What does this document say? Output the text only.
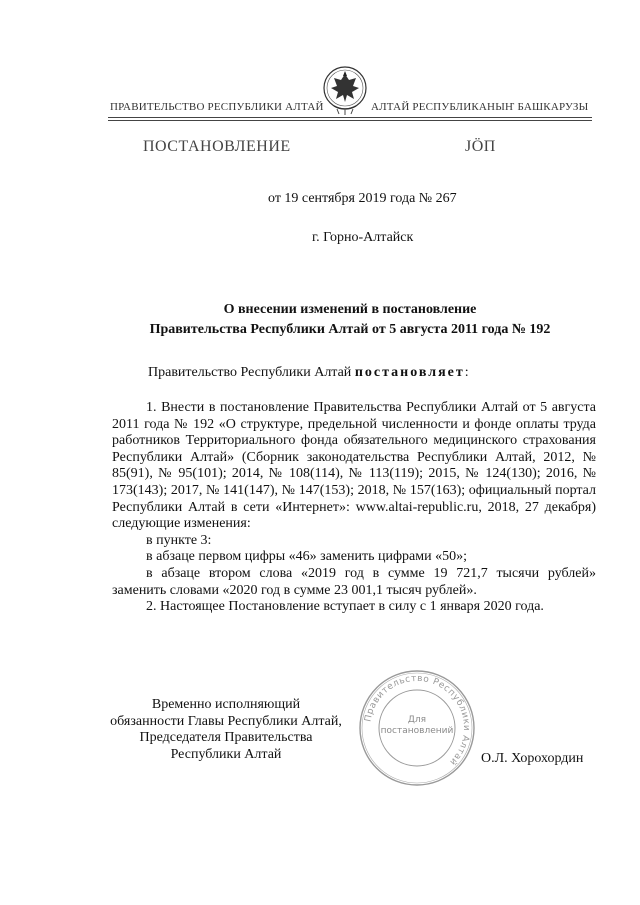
ПРАВИТЕЛЬСТВО РЕСПУБЛИКИ АЛТАЙ	АЛТАЙ РЕСПУБЛИКАНЫҤ БАШКАРУЗЫ
ПОСТАНОВЛЕНИЕ	ЈӦП
от 19 сентября 2019 года № 267
г. Горно-Алтайск
О внесении изменений в постановление
Правительства Республики Алтай от 5 августа 2011 года № 192
Правительство Республики Алтай постановляет:

1. Внести в постановление Правительства Республики Алтай от 5 августа 2011 года № 192 «О структуре, предельной численности и фонде оплаты труда работников Территориального фонда обязательного медицинского страхования Республики Алтай» (Сборник законодательства Республики Алтай, 2012, № 85(91), № 95(101); 2014, № 108(114), № 113(119); 2015, № 124(130); 2016, № 173(143); 2017, № 141(147), № 147(153); 2018, № 157(163); официальный портал Республики Алтай в сети «Интернет»: www.altai-republic.ru, 2018, 27 декабря) следующие изменения:

в пункте 3:

в абзаце первом цифры «46» заменить цифрами «50»;

в абзаце втором слова «2019 год в сумме 19 721,7 тысячи рублей» заменить словами «2020 год в сумме 23 001,1 тысяч рублей».

2. Настоящее Постановление вступает в силу с 1 января 2020 года.

Правительство Республики Алтай
Для
постановлений
Временно исполняющий
обязанности Главы Республики Алтай,
Председателя Правительства
Республики Алтай	О.Л. Хорохордин
